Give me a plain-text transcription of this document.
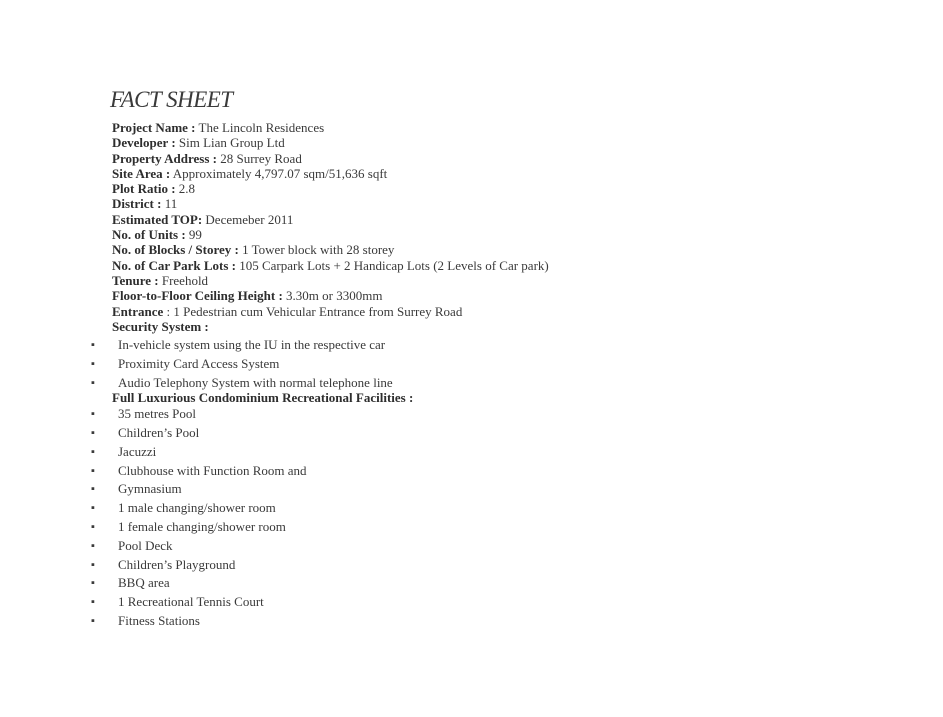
FACT SHEET
Project Name : The Lincoln Residences
Developer : Sim Lian Group Ltd
Property Address : 28 Surrey Road
Site Area : Approximately 4,797.07 sqm/51,636 sqft
Plot Ratio : 2.8
District : 11
Estimated TOP: Decemeber 2011
No. of Units : 99
No. of Blocks / Storey : 1 Tower block with 28 storey
No. of Car Park Lots : 105 Carpark Lots + 2 Handicap Lots (2 Levels of Car park)
Tenure : Freehold
Floor-to-Floor Ceiling Height : 3.30m or 3300mm
Entrance : 1 Pedestrian cum Vehicular Entrance from Surrey Road
Security System :
▪ In-vehicle system using the IU in the respective car
▪ Proximity Card Access System
▪ Audio Telephony System with normal telephone line
Full Luxurious Condominium Recreational Facilities :
▪ 35 metres Pool
▪ Children’s Pool
▪ Jacuzzi
▪ Clubhouse with Function Room and
▪ Gymnasium
▪ 1 male changing/shower room
▪ 1 female changing/shower room
▪ Pool Deck
▪ Children’s Playground
▪ BBQ area
▪ 1 Recreational Tennis Court
▪ Fitness Stations
